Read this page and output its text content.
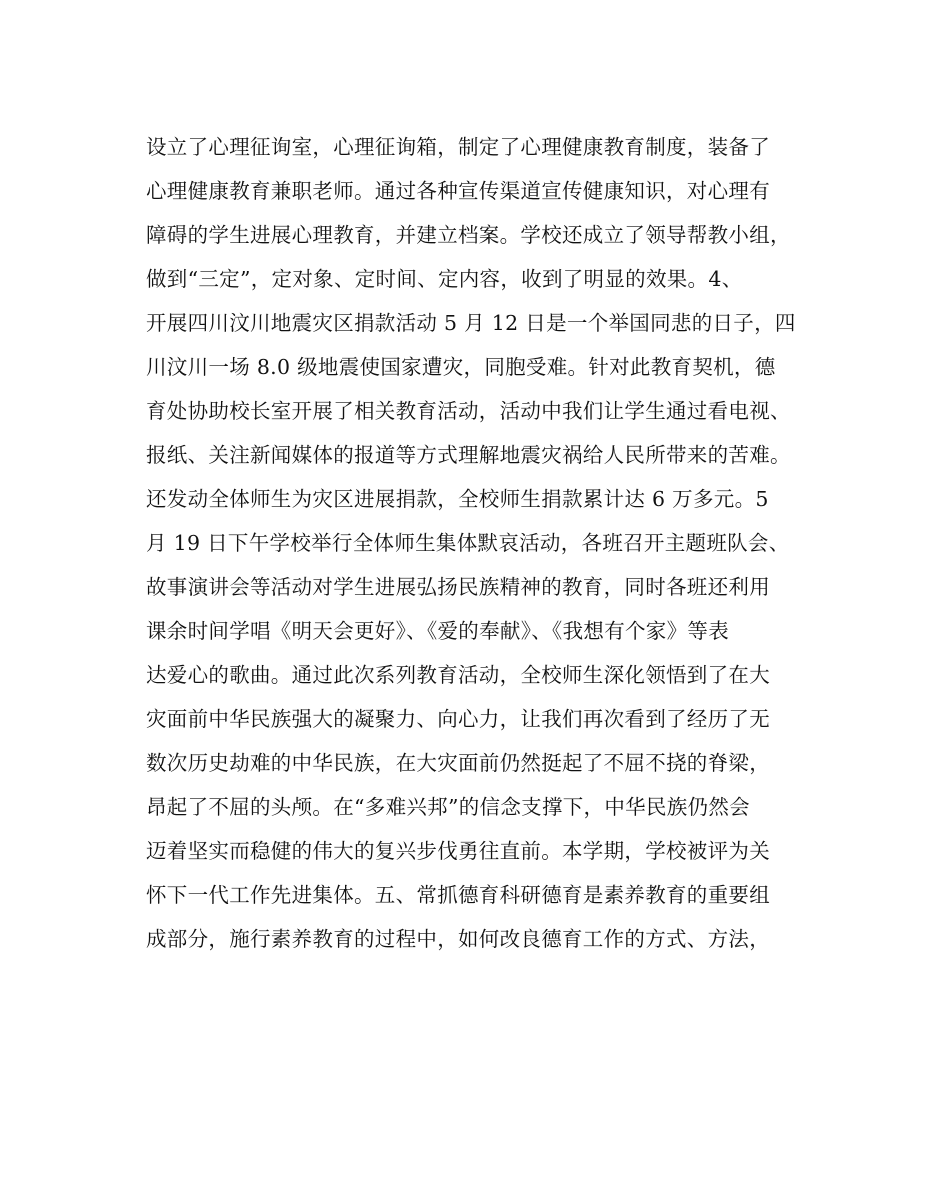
设立了心理征询室，心理征询箱，制定了心理健康教育制度，装备了
心理健康教育兼职老师。通过各种宣传渠道宣传健康知识，对心理有
障碍的学生进展心理教育，并建立档案。学校还成立了领导帮教小组，
做到“三定”，定对象、定时间、定内容，收到了明显的效果。4、
开展四川汶川地震灾区捐款活动 5 月 12 日是一个举国同悲的日子，四
川汶川一场 8.0 级地震使国家遭灾，同胞受难。针对此教育契机，德
育处协助校长室开展了相关教育活动，活动中我们让学生通过看电视、
报纸、关注新闻媒体的报道等方式理解地震灾祸给人民所带来的苦难。
还发动全体师生为灾区进展捐款，全校师生捐款累计达 6 万多元。5
月 19 日下午学校举行全体师生集体默哀活动，各班召开主题班队会、
故事演讲会等活动对学生进展弘扬民族精神的教育，同时各班还利用
课余时间学唱《明天会更好》、《爱的奉献》、《我想有个家》等表
达爱心的歌曲。通过此次系列教育活动，全校师生深化领悟到了在大
灾面前中华民族强大的凝聚力、向心力，让我们再次看到了经历了无
数次历史劫难的中华民族，在大灾面前仍然挺起了不屈不挠的脊梁，
昂起了不屈的头颅。在“多难兴邦”的信念支撑下，中华民族仍然会
迈着坚实而稳健的伟大的复兴步伐勇往直前。本学期，学校被评为关
怀下一代工作先进集体。五、常抓德育科研德育是素养教育的重要组
成部分，施行素养教育的过程中，如何改良德育工作的方式、方法，
